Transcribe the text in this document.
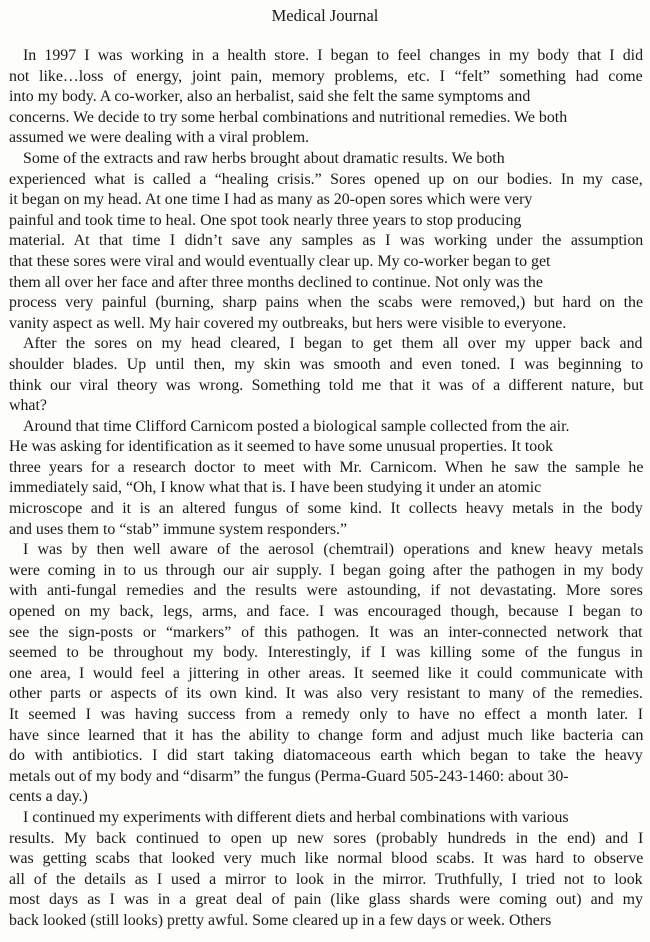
Medical Journal
In 1997 I was working in a health store. I began to feel changes in my body that I did
not like…loss of energy, joint pain, memory problems, etc. I “felt” something had come
into my body. A co-worker, also an herbalist, said she felt the same symptoms and
concerns. We decide to try some herbal combinations and nutritional remedies. We both
assumed we were dealing with a viral problem.
Some of the extracts and raw herbs brought about dramatic results. We both
experienced what is called a “healing crisis.” Sores opened up on our bodies. In my case,
it began on my head. At one time I had as many as 20-open sores which were very
painful and took time to heal. One spot took nearly three years to stop producing
material. At that time I didn’t save any samples as I was working under the assumption
that these sores were viral and would eventually clear up. My co-worker began to get
them all over her face and after three months declined to continue. Not only was the
process very painful (burning, sharp pains when the scabs were removed,) but hard on the
vanity aspect as well. My hair covered my outbreaks, but hers were visible to everyone.
After the sores on my head cleared, I began to get them all over my upper back and
shoulder blades. Up until then, my skin was smooth and even toned. I was beginning to
think our viral theory was wrong. Something told me that it was of a different nature, but
what?
Around that time Clifford Carnicom posted a biological sample collected from the air.
He was asking for identification as it seemed to have some unusual properties. It took
three years for a research doctor to meet with Mr. Carnicom. When he saw the sample he
immediately said, “Oh, I know what that is. I have been studying it under an atomic
microscope and it is an altered fungus of some kind. It collects heavy metals in the body
and uses them to “stab” immune system responders.”
I was by then well aware of the aerosol (chemtrail) operations and knew heavy metals
were coming in to us through our air supply. I began going after the pathogen in my body
with anti-fungal remedies and the results were astounding, if not devastating. More sores
opened on my back, legs, arms, and face. I was encouraged though, because I began to
see the sign-posts or “markers” of this pathogen. It was an inter-connected network that
seemed to be throughout my body. Interestingly, if I was killing some of the fungus in
one area, I would feel a jittering in other areas. It seemed like it could communicate with
other parts or aspects of its own kind. It was also very resistant to many of the remedies.
It seemed I was having success from a remedy only to have no effect a month later. I
have since learned that it has the ability to change form and adjust much like bacteria can
do with antibiotics. I did start taking diatomaceous earth which began to take the heavy
metals out of my body and “disarm” the fungus (Perma-Guard 505-243-1460: about 30-
cents a day.)
I continued my experiments with different diets and herbal combinations with various
results. My back continued to open up new sores (probably hundreds in the end) and I
was getting scabs that looked very much like normal blood scabs. It was hard to observe
all of the details as I used a mirror to look in the mirror. Truthfully, I tried not to look
most days as I was in a great deal of pain (like glass shards were coming out) and my
back looked (still looks) pretty awful. Some cleared up in a few days or week. Others
